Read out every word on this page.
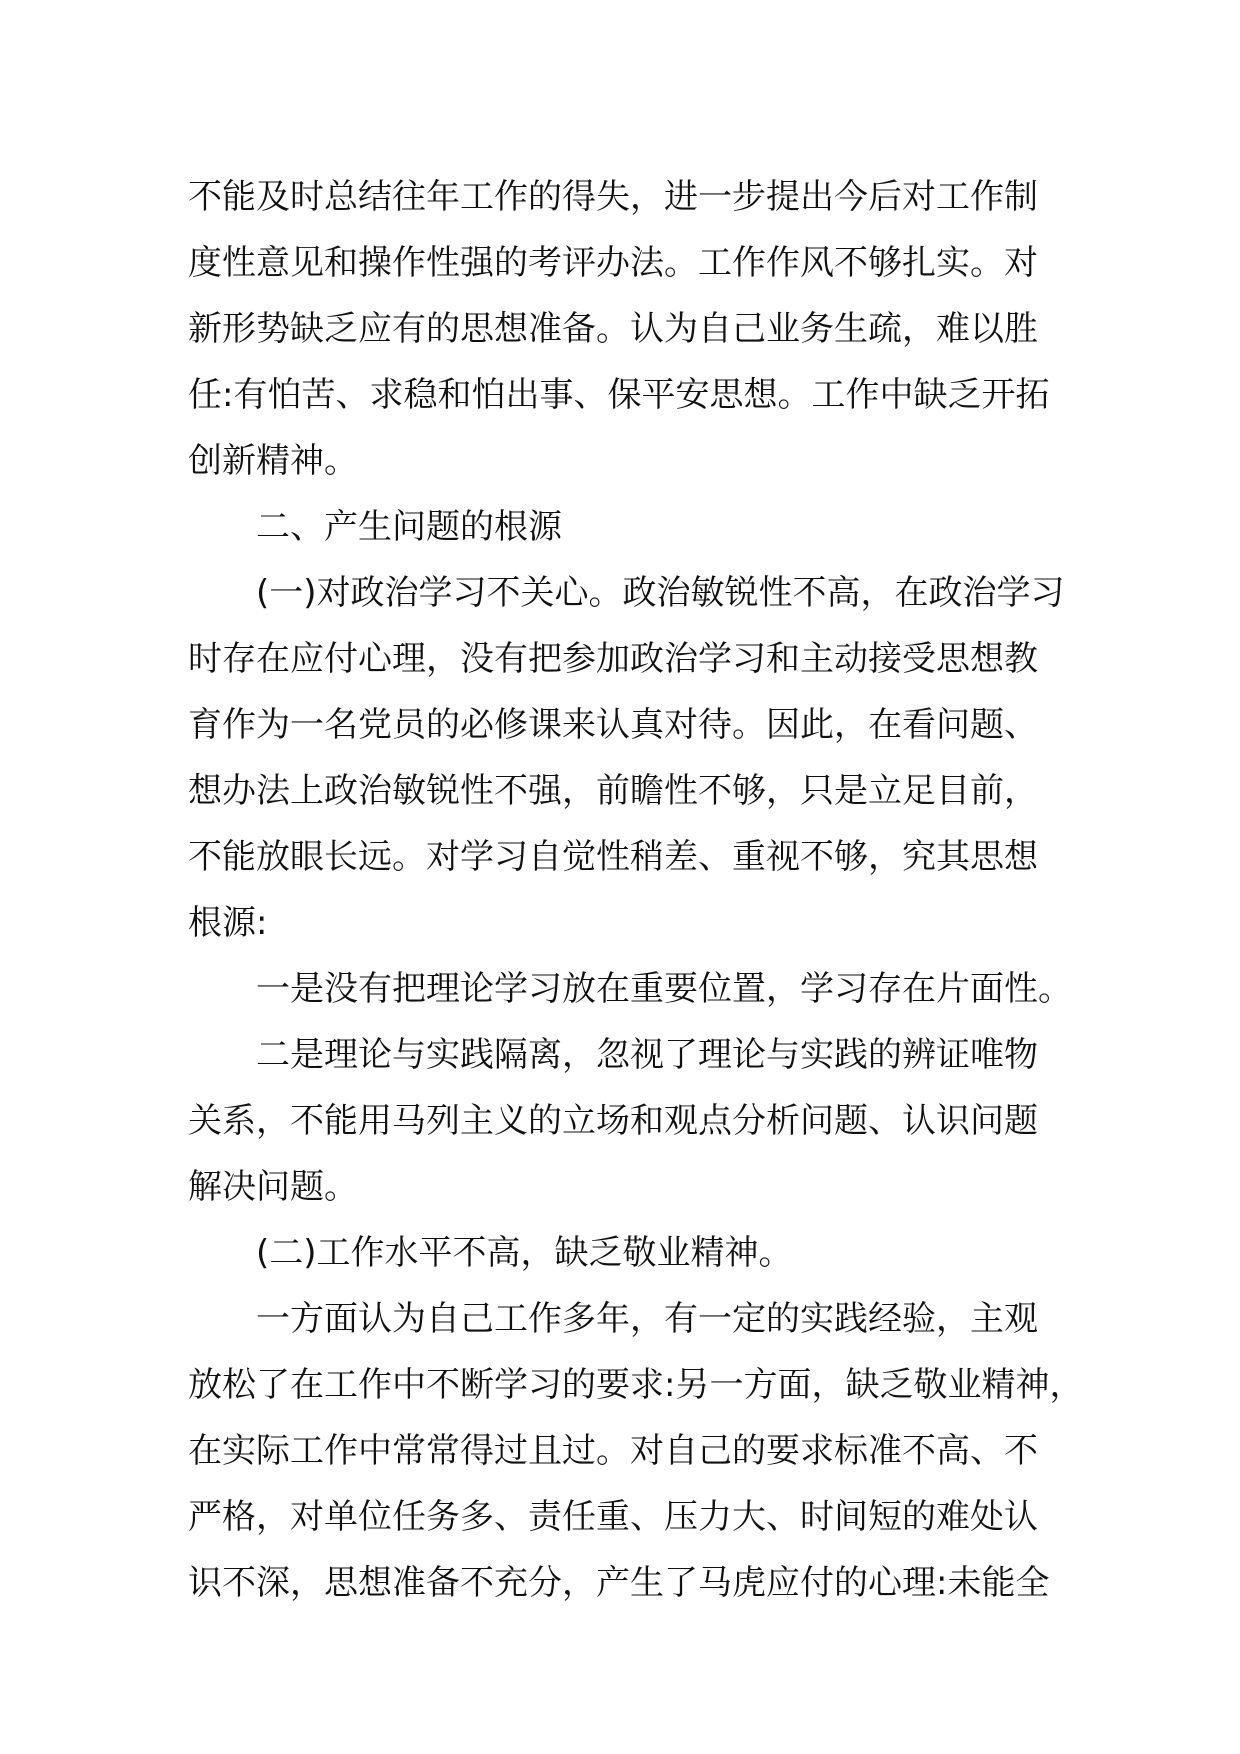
不能及时总结往年工作的得失，进一步提出今后对工作制
度性意见和操作性强的考评办法。工作作风不够扎实。对
新形势缺乏应有的思想准备。认为自己业务生疏，难以胜
任:有怕苦、求稳和怕出事、保平安思想。工作中缺乏开拓
创新精神。
二、产生问题的根源
(一)对政治学习不关心。政治敏锐性不高，在政治学习
时存在应付心理，没有把参加政治学习和主动接受思想教
育作为一名党员的必修课来认真对待。因此，在看问题、
想办法上政治敏锐性不强，前瞻性不够，只是立足目前，
不能放眼长远。对学习自觉性稍差、重视不够，究其思想
根源:
一是没有把理论学习放在重要位置，学习存在片面性。
二是理论与实践隔离，忽视了理论与实践的辨证唯物
关系，不能用马列主义的立场和观点分析问题、认识问题
解决问题。
(二)工作水平不高，缺乏敬业精神。
一方面认为自己工作多年，有一定的实践经验，主观
放松了在工作中不断学习的要求:另一方面，缺乏敬业精神，
在实际工作中常常得过且过。对自己的要求标准不高、不
严格，对单位任务多、责任重、压力大、时间短的难处认
识不深，思想准备不充分，产生了马虎应付的心理:未能全
